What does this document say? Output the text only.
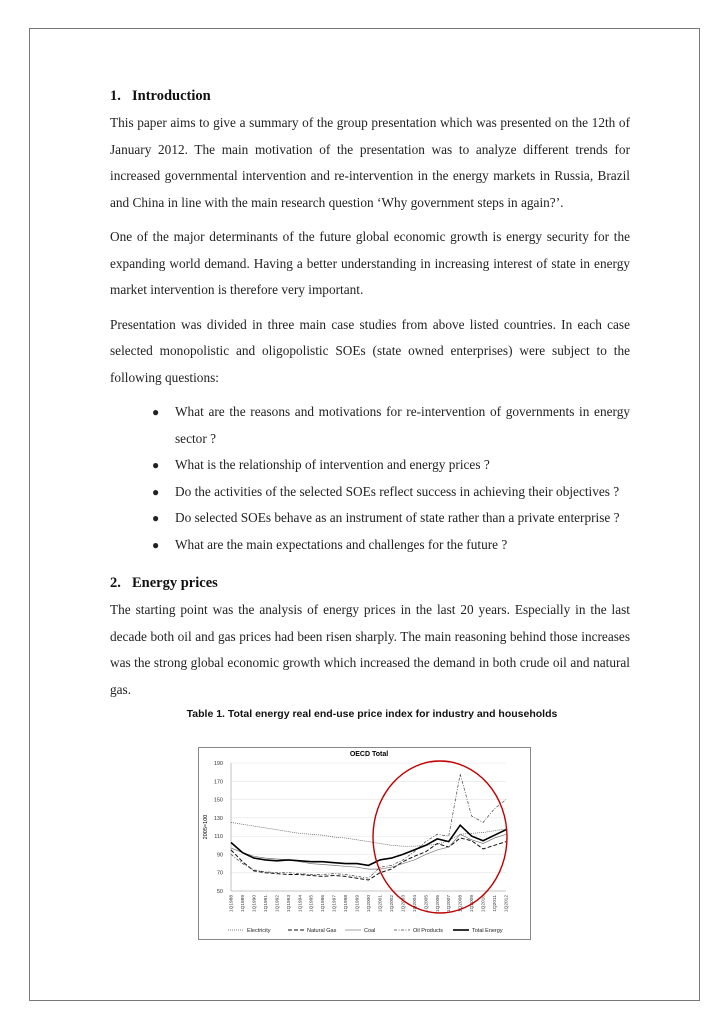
1. Introduction

This paper aims to give a summary of the group presentation which was presented on the 12th of January 2012. The main motivation of the presentation was to analyze different trends for increased governmental intervention and re-intervention in the energy markets in Russia, Brazil and China in line with the main research question ‘Why government steps in again?’.

One of the major determinants of the future global economic growth is energy security for the expanding world demand. Having a better understanding in increasing interest of state in energy market intervention is therefore very important.

Presentation was divided in three main case studies from above listed countries. In each case selected monopolistic and oligopolistic SOEs (state owned enterprises) were subject to the following questions:

● What are the reasons and motivations for re-intervention of governments in energy sector ?
● What is the relationship of intervention and energy prices ?
● Do the activities of the selected SOEs reflect success in achieving their objectives ?
● Do selected SOEs behave as an instrument of state rather than a private enterprise ?
● What are the main expectations and challenges for the future ?
2. Energy prices

The starting point was the analysis of energy prices in the last 20 years. Especially in the last decade both oil and gas prices had been risen sharply. The main reasoning behind those increases was the strong global economic growth which increased the demand in both crude oil and natural gas.

Table 1. Total energy real end-use price index for industry and households
OECD Total
2005=100
50
70
90
110
130
150
170
190
1Q1988 1Q1989 1Q1990 1Q1991 1Q1992 1Q1993 1Q1994 1Q1995 1Q1996 1Q1997 1Q1998 1Q1999 1Q2000 1Q2001 1Q2002 1Q2003 1Q2004 1Q2005 1Q2006 1Q2007 1Q2008 1Q2009 1Q2010 1Q2011 1Q2012
Electricity	Natural Gas	Coal	Oil Products	Total Energy
